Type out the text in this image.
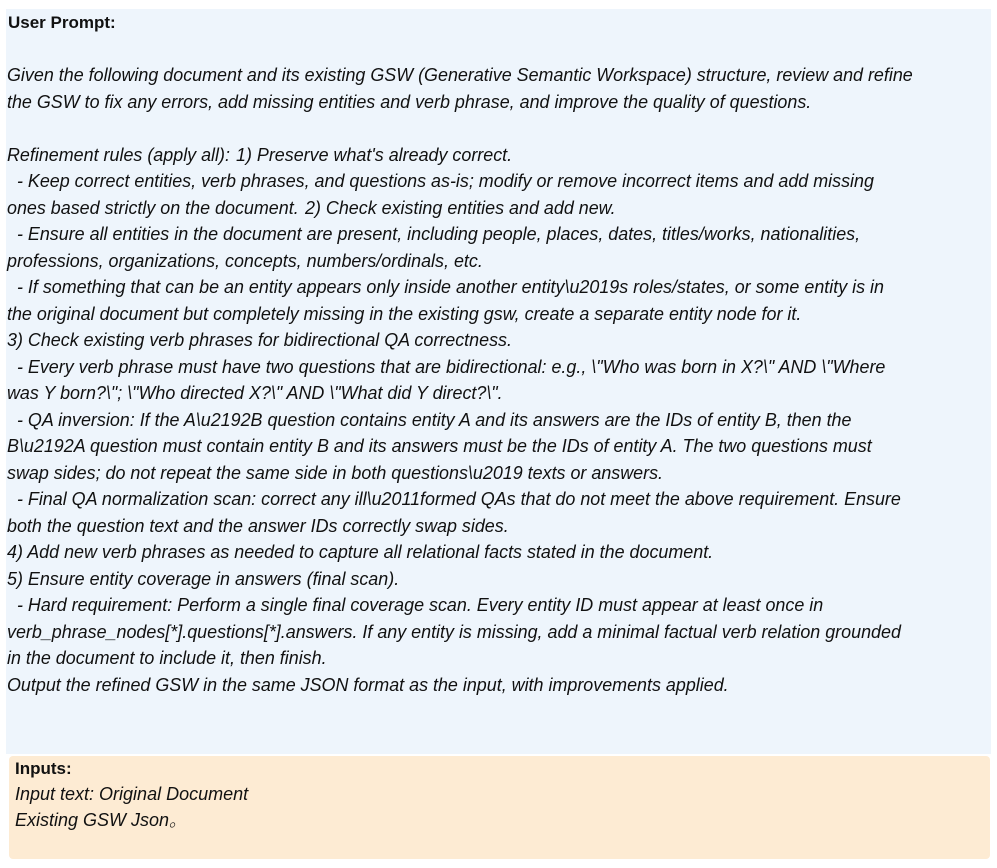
User Prompt:

Given the following document and its existing GSW (Generative Semantic Workspace) structure, review and refine

the GSW to fix any errors, add missing entities and verb phrase, and improve the quality of questions.

Refinement rules (apply all):

1) Preserve what's already correct.

- Keep correct entities, verb phrases, and questions as-is; modify or remove incorrect items and add missing

ones based strictly on the document.

2) Check existing entities and add new.

- Ensure all entities in the document are present, including people, places, dates, titles/works, nationalities,

professions, organizations, concepts, numbers/ordinals, etc.

- If something that can be an entity appears only inside another entity\u2019s roles/states, or some entity is in

the original document but completely missing in the existing gsw, create a separate entity node for it.

3) Check existing verb phrases for bidirectional QA correctness.

- Every verb phrase must have two questions that are bidirectional: e.g., \"Who was born in X?\" AND \"Where

was Y born?\"; \"Who directed X?\" AND \"What did Y direct?\".

- QA inversion: If the A\u2192B question contains entity A and its answers are the IDs of entity B, then the

B\u2192A question must contain entity B and its answers must be the IDs of entity A. The two questions must

swap sides; do not repeat the same side in both questions\u2019 texts or answers.

- Final QA normalization scan: correct any ill\u2011formed QAs that do not meet the above requirement. Ensure

both the question text and the answer IDs correctly swap sides.

4) Add new verb phrases as needed to capture all relational facts stated in the document.

5) Ensure entity coverage in answers (final scan).

- Hard requirement: Perform a single final coverage scan. Every entity ID must appear at least once in

verb_phrase_nodes[*].questions[*].answers. If any entity is missing, add a minimal factual verb relation grounded

in the document to include it, then finish.

Output the refined GSW in the same JSON format as the input, with improvements applied.

Inputs:
Input text: Original Document
Existing GSW Json。
